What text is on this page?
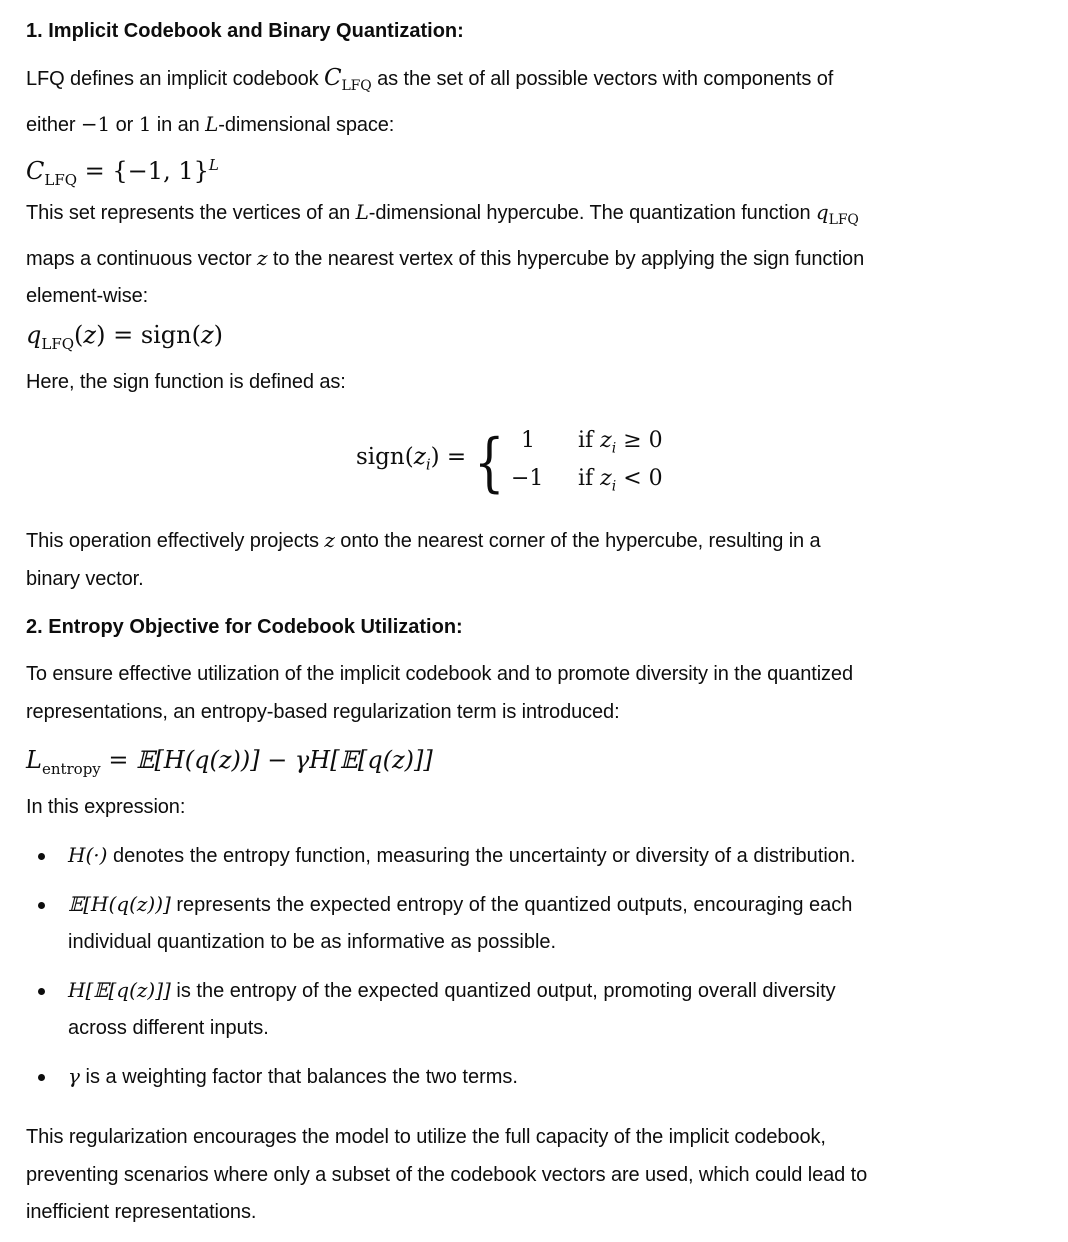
1. Implicit Codebook and Binary Quantization:

LFQ defines an implicit codebook $C_{LFQ}$ as the set of all possible vectors with components of

either −1 or 1 in an L-dimensional space:

$C_{LFQ} = \{-1$, 1}$^L$

This set represents the vertices of an L-dimensional hypercube. The quantization function $q_{LFQ}$

maps a continuous vector z to the nearest vertex of this hypercube by applying the sign function

element-wise:

$q_{LFQ}(z)$ = sign(z)

Here, the sign function is defined as:

$sign(z_i)$ = { 1
−1
if $z_i \ge 0$
if $z_i < 0$

This operation effectively projects z onto the nearest corner of the hypercube, resulting in a

binary vector.

2. Entropy Objective for Codebook Utilization:

To ensure effective utilization of the implicit codebook and to promote diversity in the quantized

representations, an entropy-based regularization term is introduced:

$L_{entropy}$ = 𝔼[H(q(z))] − γH[𝔼[q(z)]]

In this expression:

H(·) denotes the entropy function, measuring the uncertainty or diversity of a distribution.
𝔼[H(q(z))] represents the expected entropy of the quantized outputs, encouraging each
individual quantization to be as informative as possible.
H[𝔼[q(z)]] is the entropy of the expected quantized output, promoting overall diversity
across different inputs.
γ is a weighting factor that balances the two terms.

This regularization encourages the model to utilize the full capacity of the implicit codebook,

preventing scenarios where only a subset of the codebook vectors are used, which could lead to

inefficient representations.
